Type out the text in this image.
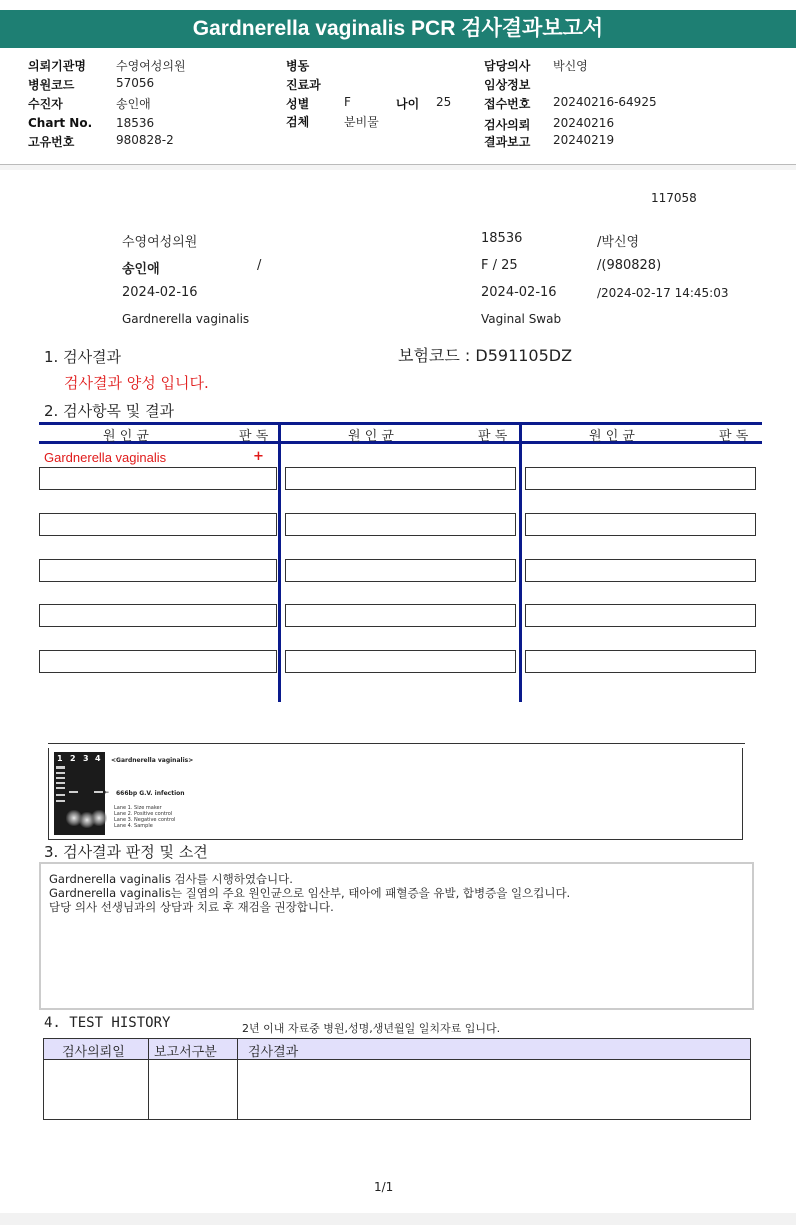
Gardnerella vaginalis PCR 검사결과보고서
의뢰기관명	수영여성의원
병원코드	57056
수진자	송인애
Chart No. 18536
고유번호	980828-2
병동
진료과
성별	F	나이 25
검체	분비물
담당의사 박신영
임상정보
접수번호 20240216-64925
검사의뢰 20240216
결과보고 20240219
117058
수영여성의원	18536	/박신영
송인애	/	F / 25	/(980828)
2024-02-16	2024-02-16	/2024-02-17 14:45:03
Gardnerella vaginalis	Vaginal Swab
1. 검사결과	보험코드 : D591105DZ
검사결과 양성 입니다.
2. 검사항목 및 결과
원 인 균	판 독	원 인 균	판 독	원 인 균	판 독
Gardnerella vaginalis	+
1 2 3 4 <Gardnerella vaginalis>
← 666bp G.V. infection
Lane 1. Size maker
Lane 2. Positive control
Lane 3. Negative control
Lane 4. Sample
3. 검사결과 판정 및 소견
Gardnerella vaginalis 검사를 시행하였습니다.
Gardnerella vaginalis는 질염의 주요 원인균으로 임산부, 태아에 패혈증을 유발, 합병증을 일으킵니다.
담당 의사 선생님과의 상담과 치료 후 재검을 권장합니다.
4. TEST HISTORY	2년 이내 자료중 병원,성명,생년월일 일치자료 입니다.
검사의뢰일 보고서구분 검사결과
1/1
